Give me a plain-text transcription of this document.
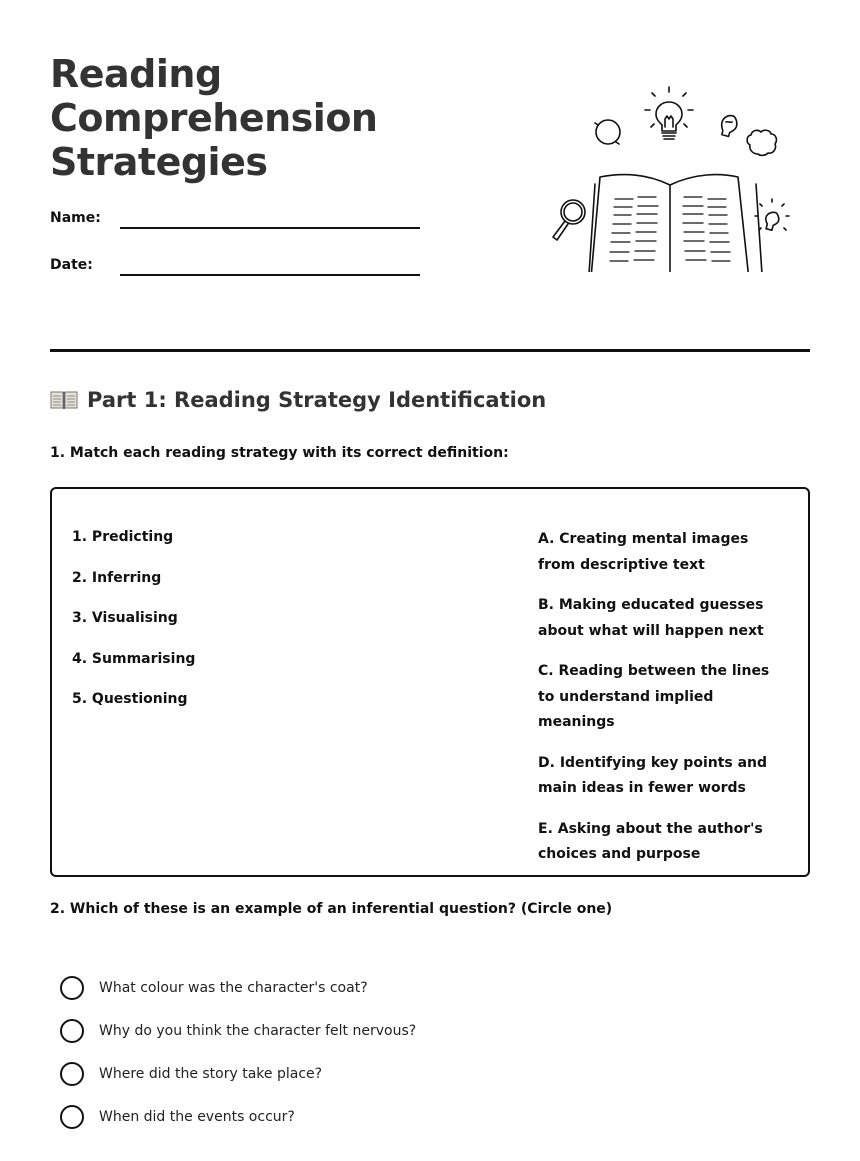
Reading
Comprehension
Strategies
Name:
Date:
Part 1: Reading Strategy Identification
1. Match each reading strategy with its correct definition:
1. Predicting
2. Inferring
3. Visualising
4. Summarising
5. Questioning
A. Creating mental images from descriptive text
B. Making educated guesses about what will happen next
C. Reading between the lines to understand implied meanings
D. Identifying key points and main ideas in fewer words
E. Asking about the author's choices and purpose
2. Which of these is an example of an inferential question? (Circle one)
What colour was the character's coat?
Why do you think the character felt nervous?
Where did the story take place?
When did the events occur?
